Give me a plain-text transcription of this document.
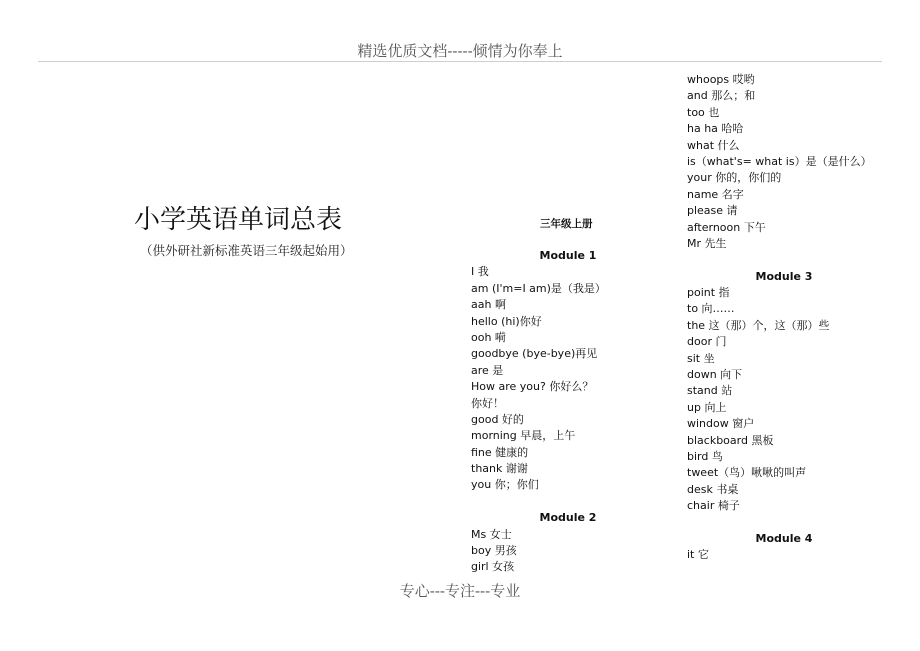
精选优质文档-----倾情为你奉上
小学英语单词总表
（供外研社新标准英语三年级起始用）
三年级上册
Module 1
I 我
am (I'm=I am)是（我是）
aah 啊
hello (hi)你好
ooh 嗬
goodbye (bye-bye)再见
are 是
How are you? 你好么？
你好！
good 好的
morning 早晨，上午
fine 健康的
thank 谢谢
you 你；你们
Module 2
Ms 女士
boy 男孩
girl 女孩
whoops 哎哟
and 那么；和
too 也
ha ha 哈哈
what 什么
is（what's= what is）是（是什么）
your 你的，你们的
name 名字
please 请
afternoon 下午
Mr 先生
Module 3
point 指
to 向……
the 这（那）个，这（那）些
door 门
sit 坐
down 向下
stand 站
up 向上
window 窗户
blackboard 黑板
bird 鸟
tweet（鸟）啾啾的叫声
desk 书桌
chair 椅子
Module 4
it 它
专心---专注---专业
